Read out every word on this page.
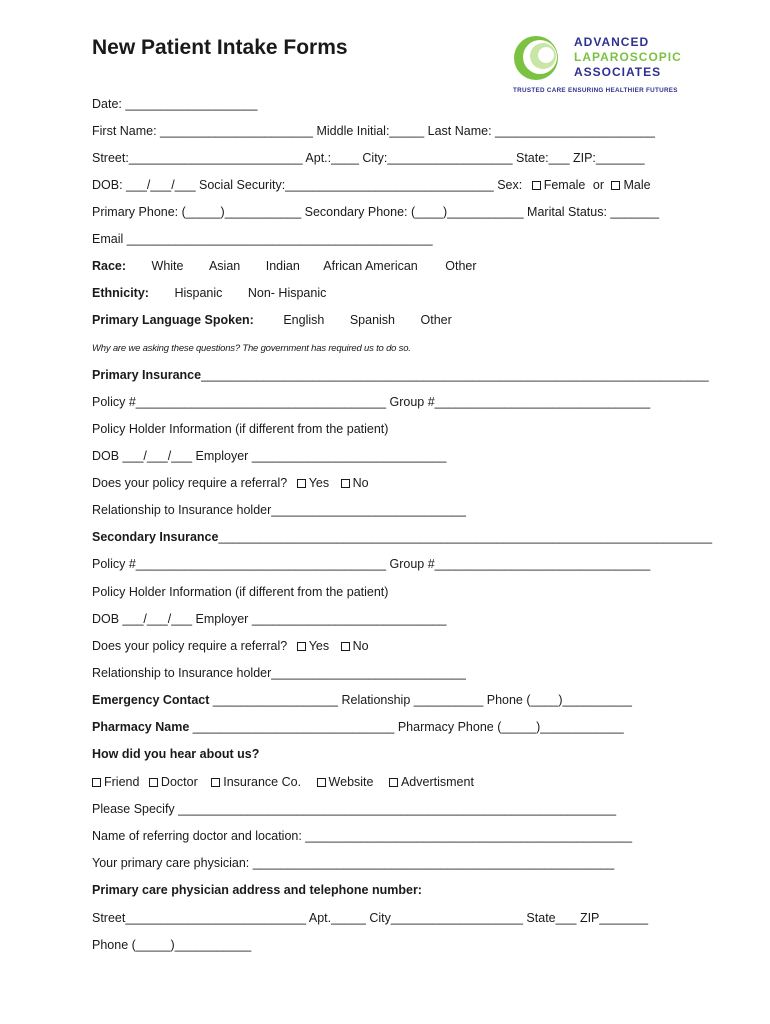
New Patient Intake Forms	ADVANCED
LAPAROSCOPIC
ASSOCIATES
TRUSTED CARE ENSURING HEALTHIER FUTURES
Date: ___________________
First Name: ______________________ Middle Initial:_____ Last Name: _______________________
Street:_________________________ Apt.:____ City:__________________ State:___ ZIP:_______
DOB: ___/___/___ Social Security:______________________________ Sex: Female or Male
Primary Phone: (_____)___________ Secondary Phone: (____)___________ Marital Status: _______
Email ____________________________________________
Race: White Asian Indian African American Other
Ethnicity: Hispanic Non- Hispanic
Primary Language Spoken: English Spanish Other
Why are we asking these questions? The government has required us to do so.
Primary Insurance_________________________________________________________________________
Policy #____________________________________ Group #_______________________________
Policy Holder Information (if different from the patient)
DOB ___/___/___ Employer ____________________________
Does your policy require a referral? Yes No
Relationship to Insurance holder____________________________
Secondary Insurance_______________________________________________________________________
Policy #____________________________________ Group #_______________________________
Policy Holder Information (if different from the patient)
DOB ___/___/___ Employer ____________________________
Does your policy require a referral? Yes No
Relationship to Insurance holder____________________________
Emergency Contact __________________ Relationship __________ Phone (____)__________
Pharmacy Name _____________________________ Pharmacy Phone (_____)____________
How did you hear about us?
Friend Doctor Insurance Co. Website Advertisment
Please Specify _______________________________________________________________
Name of referring doctor and location: _______________________________________________
Your primary care physician: ____________________________________________________
Primary care physician address and telephone number:
Street__________________________ Apt._____ City___________________ State___ ZIP_______
Phone (_____)___________
